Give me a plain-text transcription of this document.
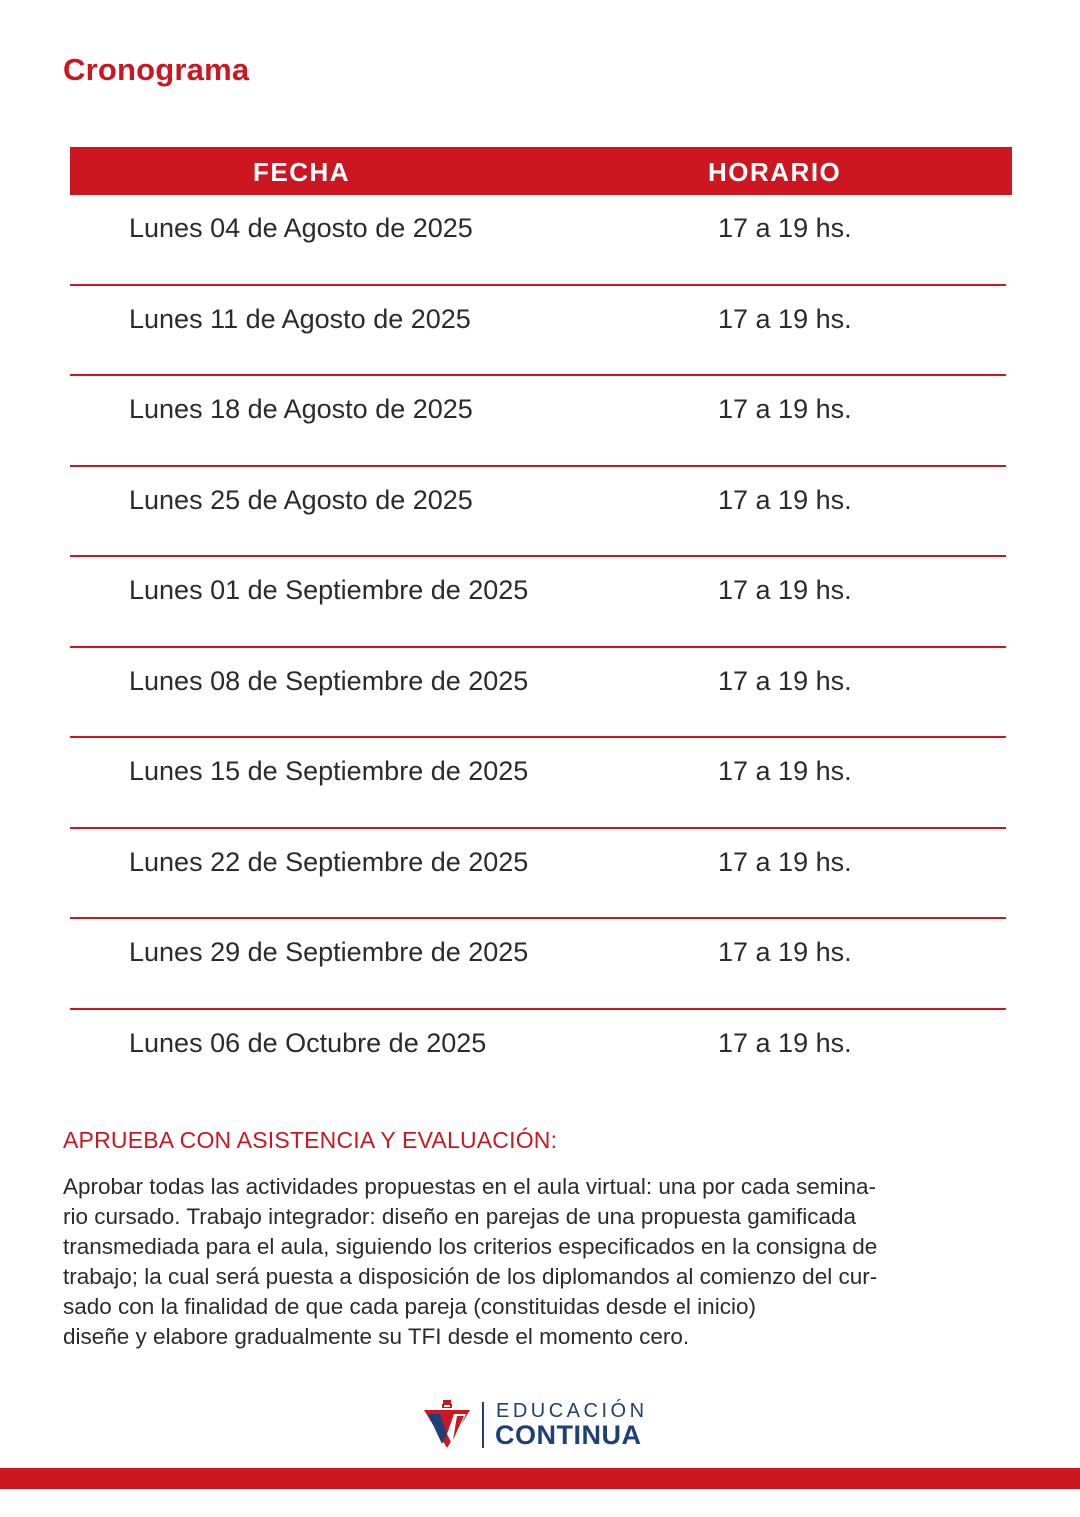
Cronograma
FECHA	HORARIO
Lunes 04 de Agosto de 2025	17 a 19 hs.
Lunes 11 de Agosto de 2025	17 a 19 hs.
Lunes 18 de Agosto de 2025	17 a 19 hs.
Lunes 25 de Agosto de 2025	17 a 19 hs.
Lunes 01 de Septiembre de 2025	17 a 19 hs.
Lunes 08 de Septiembre de 2025	17 a 19 hs.
Lunes 15 de Septiembre de 2025	17 a 19 hs.
Lunes 22 de Septiembre de 2025	17 a 19 hs.
Lunes 29 de Septiembre de 2025	17 a 19 hs.
Lunes 06 de Octubre de 2025	17 a 19 hs.
APRUEBA CON ASISTENCIA Y EVALUACIÓN:
Aprobar todas las actividades propuestas en el aula virtual: una por cada semina-
rio cursado. Trabajo integrador: diseño en parejas de una propuesta gamificada
transmediada para el aula, siguiendo los criterios especificados en la consigna de
trabajo; la cual será puesta a disposición de los diplomandos al comienzo del cur-
sado con la finalidad de que cada pareja (constituidas desde el inicio)
diseñe y elabore gradualmente su TFI desde el momento cero.
EDUCACIÓN
CONTINUA
